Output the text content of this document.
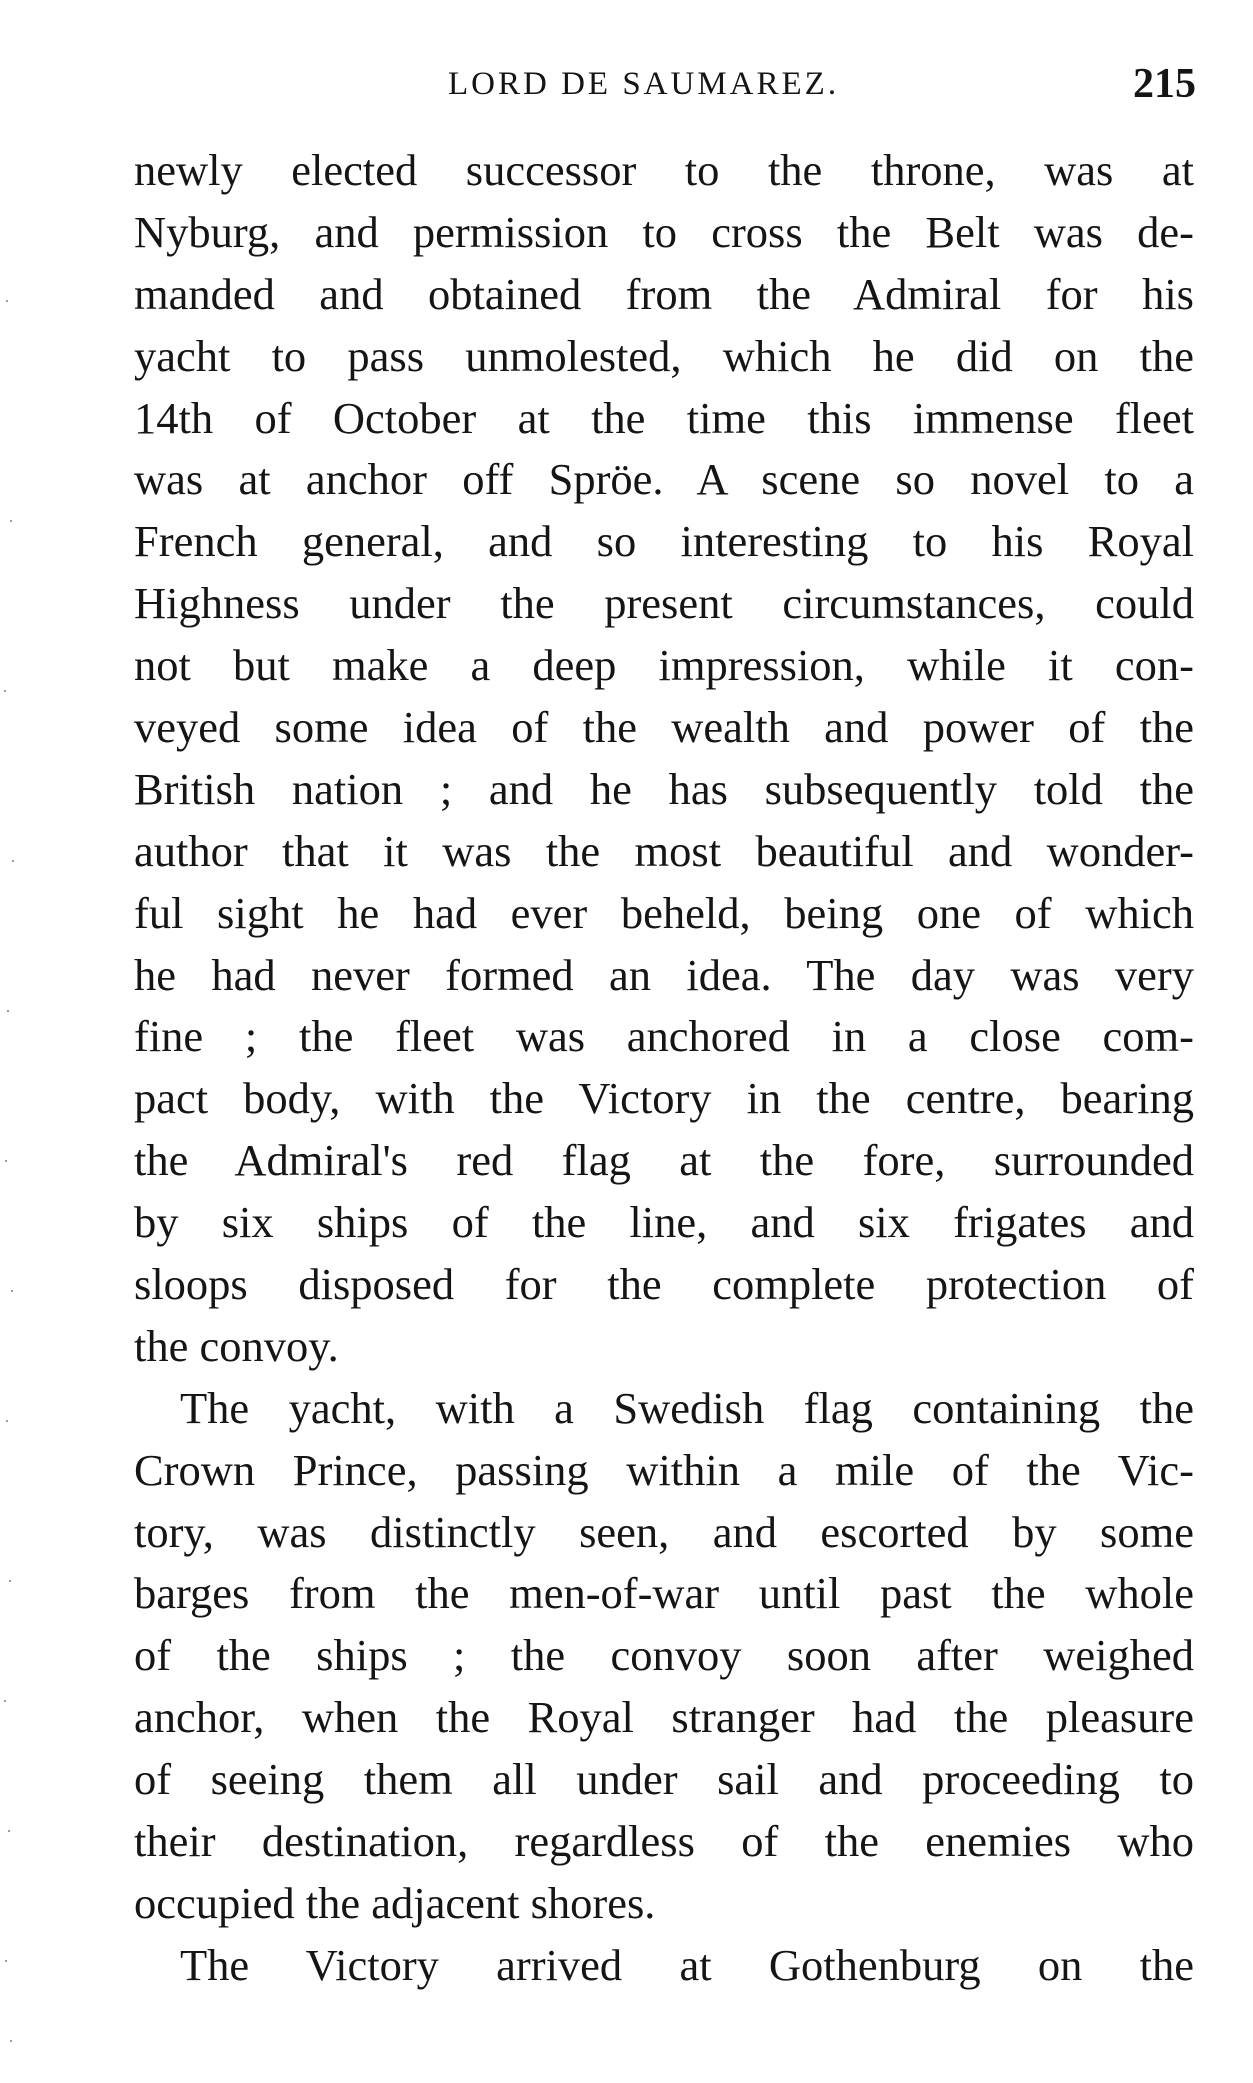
LORD DE SAUMAREZ.	215
newly elected successor to the throne, was at
Nyburg, and permission to cross the Belt was de-
manded and obtained from the Admiral for his
yacht to pass unmolested, which he did on the
14th of October at the time this immense fleet
was at anchor off Spröe. A scene so novel to a
French general, and so interesting to his Royal
Highness under the present circumstances, could
not but make a deep impression, while it con-
veyed some idea of the wealth and power of the
British nation ; and he has subsequently told the
author that it was the most beautiful and wonder-
ful sight he had ever beheld, being one of which
he had never formed an idea. The day was very
fine ; the fleet was anchored in a close com-
pact body, with the Victory in the centre, bearing
the Admiral's red flag at the fore, surrounded
by six ships of the line, and six frigates and
sloops disposed for the complete protection of
the convoy.
The yacht, with a Swedish flag containing the
Crown Prince, passing within a mile of the Vic-
tory, was distinctly seen, and escorted by some
barges from the men-of-war until past the whole
of the ships ; the convoy soon after weighed
anchor, when the Royal stranger had the pleasure
of seeing them all under sail and proceeding to
their destination, regardless of the enemies who
occupied the adjacent shores.
The Victory arrived at Gothenburg on the
